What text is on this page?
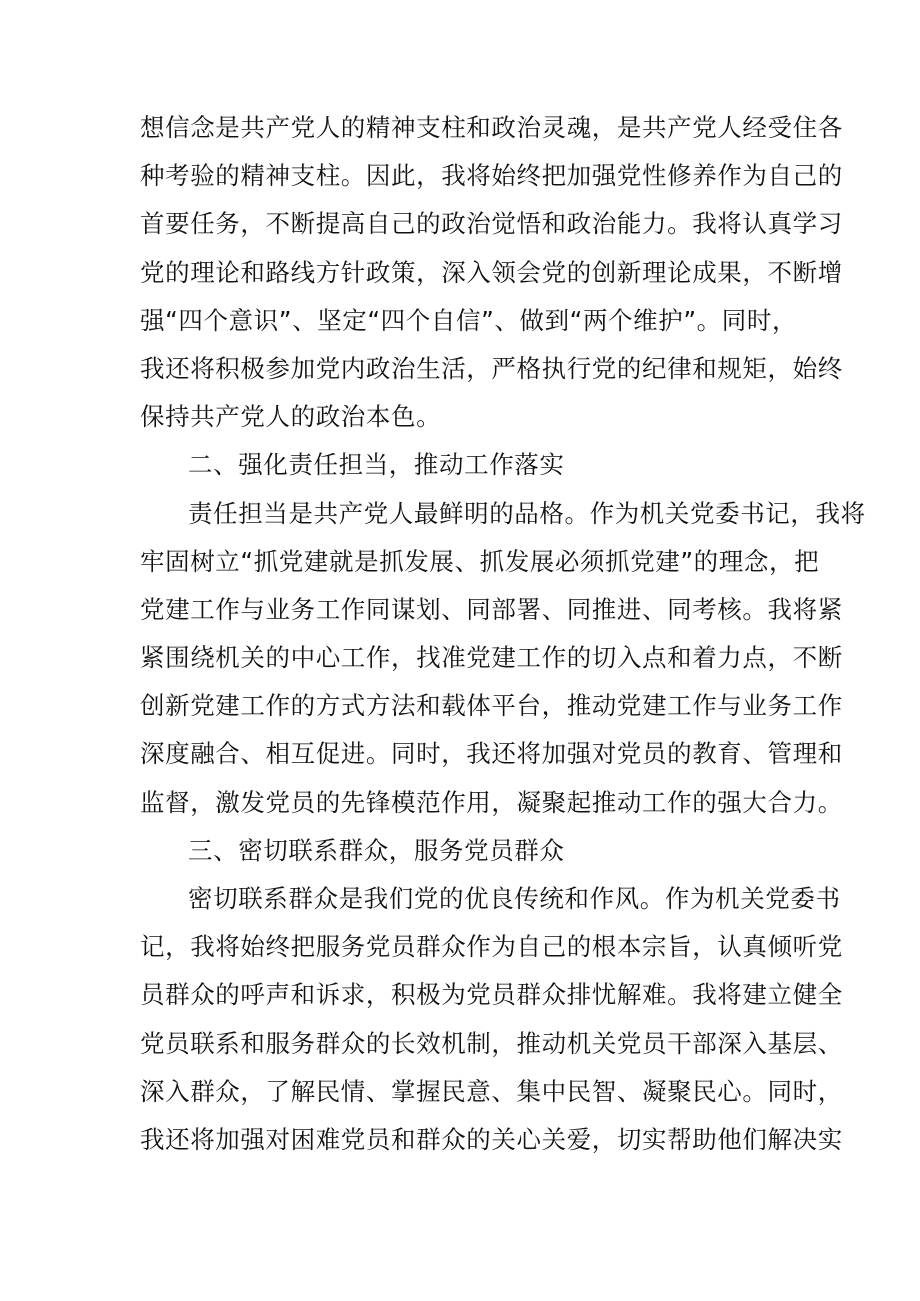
想信念是共产党人的精神支柱和政治灵魂，是共产党人经受住各
种考验的精神支柱。因此，我将始终把加强党性修养作为自己的
首要任务，不断提高自己的政治觉悟和政治能力。我将认真学习
党的理论和路线方针政策，深入领会党的创新理论成果，不断增
强“四个意识”、坚定“四个自信”、做到“两个维护”。同时，
我还将积极参加党内政治生活，严格执行党的纪律和规矩，始终
保持共产党人的政治本色。
二、强化责任担当，推动工作落实
责任担当是共产党人最鲜明的品格。作为机关党委书记，我将
牢固树立“抓党建就是抓发展、抓发展必须抓党建”的理念，把
党建工作与业务工作同谋划、同部署、同推进、同考核。我将紧
紧围绕机关的中心工作，找准党建工作的切入点和着力点，不断
创新党建工作的方式方法和载体平台，推动党建工作与业务工作
深度融合、相互促进。同时，我还将加强对党员的教育、管理和
监督，激发党员的先锋模范作用，凝聚起推动工作的强大合力。
三、密切联系群众，服务党员群众
密切联系群众是我们党的优良传统和作风。作为机关党委书
记，我将始终把服务党员群众作为自己的根本宗旨，认真倾听党
员群众的呼声和诉求，积极为党员群众排忧解难。我将建立健全
党员联系和服务群众的长效机制，推动机关党员干部深入基层、
深入群众，了解民情、掌握民意、集中民智、凝聚民心。同时，
我还将加强对困难党员和群众的关心关爱，切实帮助他们解决实
